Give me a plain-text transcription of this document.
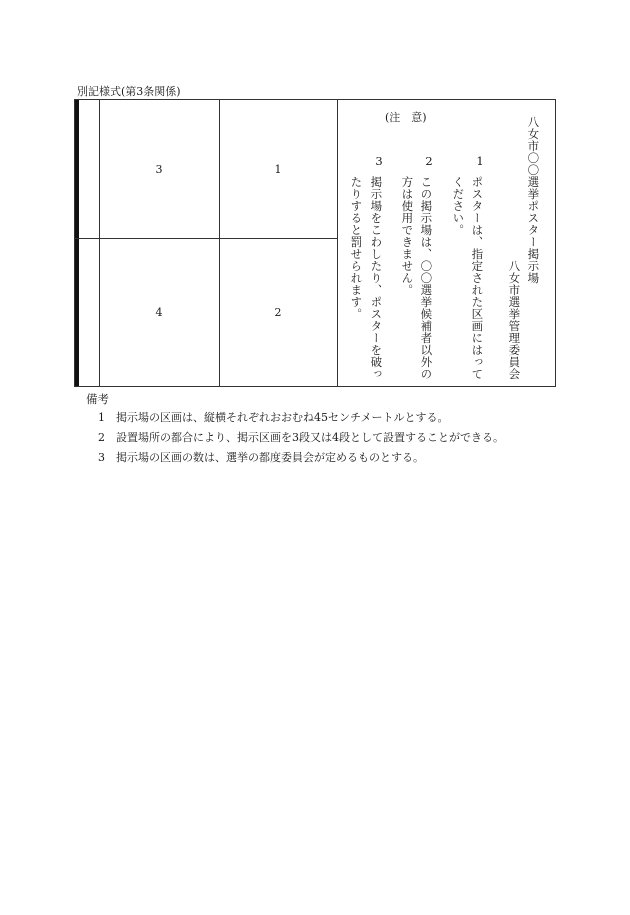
別記様式(第3条関係)
3	1
4	2
(注　意)	八女市〇〇選挙ポスター掲示場
八女市選挙管理委員会
1
ポスターは、指定された区画にはって
ください。
2
この掲示場は、〇〇選挙候補者以外の
方は使用できません。
3
掲示場をこわしたり、ポスターを破っ
たりすると罰せられます。
備考
1 掲示場の区画は、縦横それぞれおおむね45センチメートルとする。
2 設置場所の都合により、掲示区画を3段又は4段として設置することができる。
3 掲示場の区画の数は、選挙の都度委員会が定めるものとする。
